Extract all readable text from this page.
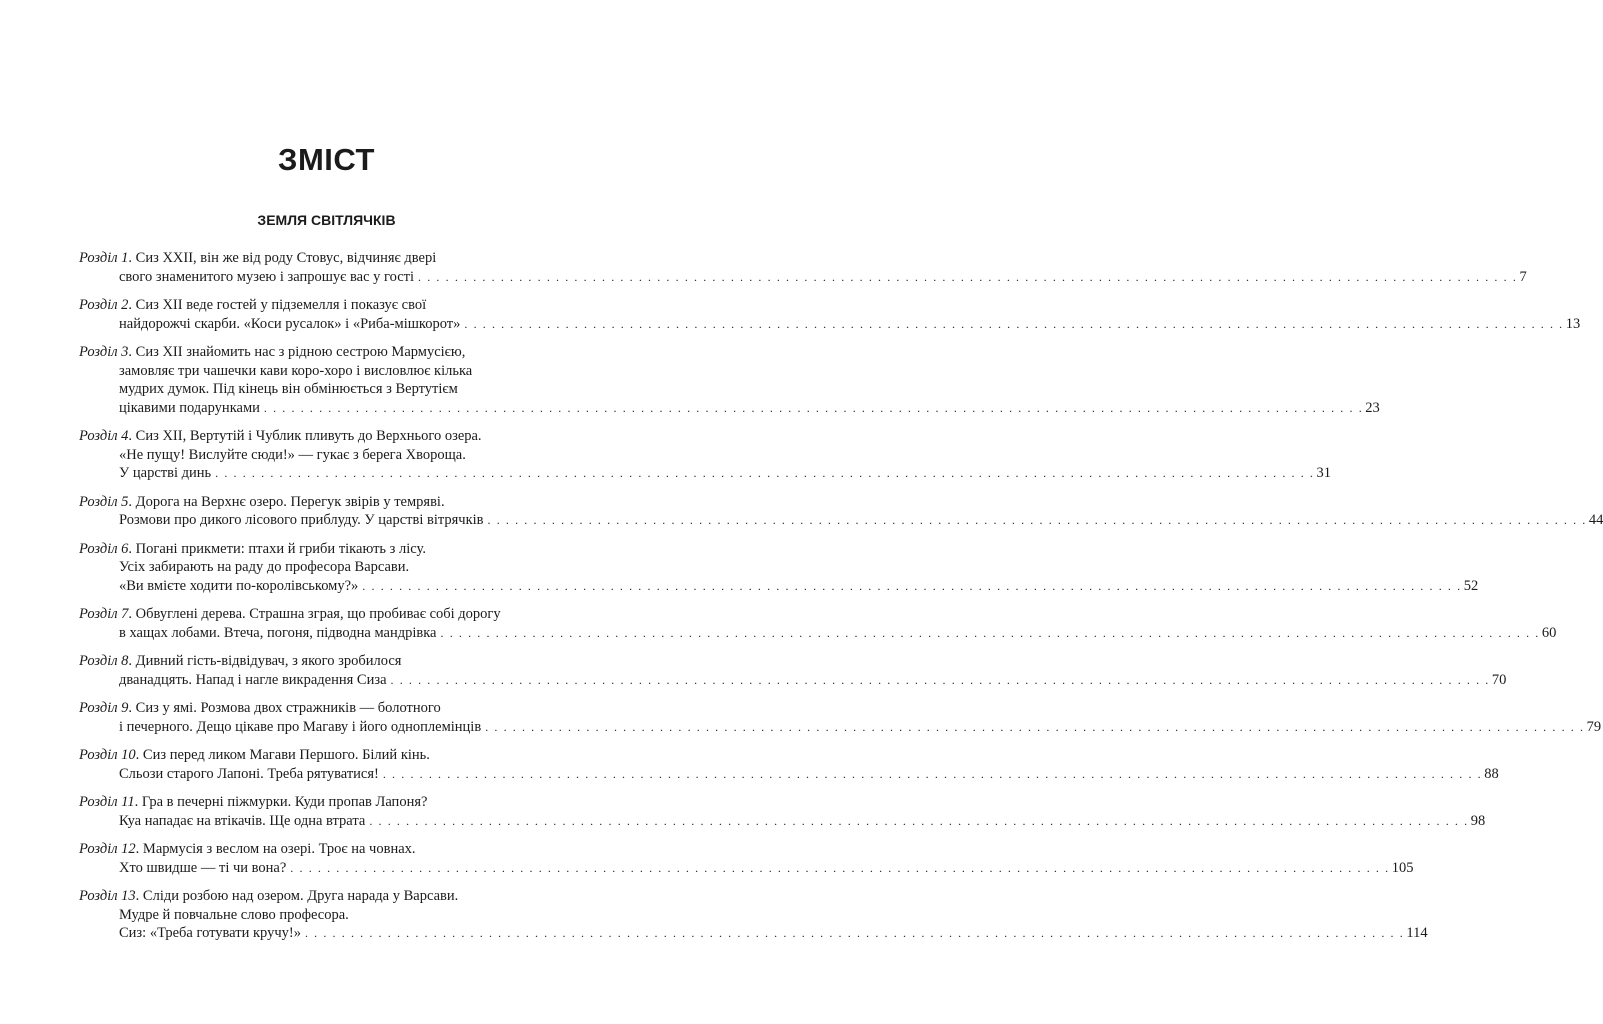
ЗМІСТ
ЗЕМЛЯ СВІТЛЯЧКІВ
Розділ 1. Сиз ХХІІ, він же від роду Стовус, відчиняє двері
свого знаменитого музею і запрошує вас у гості . . . . . . . . . . . . . . . . . . . . . . . . . . . . . . . . . . . . . . . . . . . . . . . . . . . . . . . . . . . . . . . . . . . . . . . . . . . . . . . . . . . . . . . . . . . . . . . . . . . . . . . . . . . . . . . . . . . . . . . . 7
Розділ 2. Сиз ХІІ веде гостей у підземелля і показує свої
найдорожчі скарби. «Коси русалок» і «Риба-мішкорот» . . . . . . . . . . . . . . . . . . . . . . . . . . . . . . . . . . . . . . . . . . . . . . . . . . . . . . . . . . . . . . . . . . . . . . . . . . . . . . . . . . . . . . . . . . . . . . . . . . . . . . . . . . . . . . . . . . . . . . . . 13
Розділ 3. Сиз ХІІ знайомить нас з рідною сестрою Мармусією,
замовляє три чашечки кави коро-хоро і висловлює кілька
мудрих думок. Під кінець він обмінюється з Вертутієм
цікавими подарунками . . . . . . . . . . . . . . . . . . . . . . . . . . . . . . . . . . . . . . . . . . . . . . . . . . . . . . . . . . . . . . . . . . . . . . . . . . . . . . . . . . . . . . . . . . . . . . . . . . . . . . . . . . . . . . . . . . . . . . . . 23
Розділ 4. Сиз ХІІ, Вертутій і Чублик пливуть до Верхнього озера.
«Не пущу! Вислуйте сюди!» — гукає з берега Хвороща.
У царстві динь . . . . . . . . . . . . . . . . . . . . . . . . . . . . . . . . . . . . . . . . . . . . . . . . . . . . . . . . . . . . . . . . . . . . . . . . . . . . . . . . . . . . . . . . . . . . . . . . . . . . . . . . . . . . . . . . . . . . . . . . 31
Розділ 5. Дорога на Верхнє озеро. Перегук звірів у темряві.
Розмови про дикого лісового приблуду. У царстві вітрячків . . . . . . . . . . . . . . . . . . . . . . . . . . . . . . . . . . . . . . . . . . . . . . . . . . . . . . . . . . . . . . . . . . . . . . . . . . . . . . . . . . . . . . . . . . . . . . . . . . . . . . . . . . . . . . . . . . . . . . . . 44
Розділ 6. Погані прикмети: птахи й гриби тікають з лісу.
Усіх забирають на раду до професора Варсави.
«Ви вмієте ходити по-королівському?» . . . . . . . . . . . . . . . . . . . . . . . . . . . . . . . . . . . . . . . . . . . . . . . . . . . . . . . . . . . . . . . . . . . . . . . . . . . . . . . . . . . . . . . . . . . . . . . . . . . . . . . . . . . . . . . . . . . . . . . . 52
Розділ 7. Обвуглені дерева. Страшна зграя, що пробиває собі дорогу
в хащах лобами. Втеча, погоня, підводна мандрівка . . . . . . . . . . . . . . . . . . . . . . . . . . . . . . . . . . . . . . . . . . . . . . . . . . . . . . . . . . . . . . . . . . . . . . . . . . . . . . . . . . . . . . . . . . . . . . . . . . . . . . . . . . . . . . . . . . . . . . . . 60
Розділ 8. Дивний гість-відвідувач, з якого зробилося
дванадцять. Напад і нагле викрадення Сиза . . . . . . . . . . . . . . . . . . . . . . . . . . . . . . . . . . . . . . . . . . . . . . . . . . . . . . . . . . . . . . . . . . . . . . . . . . . . . . . . . . . . . . . . . . . . . . . . . . . . . . . . . . . . . . . . . . . . . . . . 70
Розділ 9. Сиз у ямі. Розмова двох стражників — болотного
і печерного. Дещо цікаве про Магаву і його одноплемінців . . . . . . . . . . . . . . . . . . . . . . . . . . . . . . . . . . . . . . . . . . . . . . . . . . . . . . . . . . . . . . . . . . . . . . . . . . . . . . . . . . . . . . . . . . . . . . . . . . . . . . . . . . . . . . . . . . . . . . . . 79
Розділ 10. Сиз перед ликом Магави Першого. Білий кінь.
Сльози старого Лапоні. Треба рятуватися! . . . . . . . . . . . . . . . . . . . . . . . . . . . . . . . . . . . . . . . . . . . . . . . . . . . . . . . . . . . . . . . . . . . . . . . . . . . . . . . . . . . . . . . . . . . . . . . . . . . . . . . . . . . . . . . . . . . . . . . . 88
Розділ 11. Гра в печерні піжмурки. Куди пропав Лапоня?
Куа нападає на втікачів. Ще одна втрата . . . . . . . . . . . . . . . . . . . . . . . . . . . . . . . . . . . . . . . . . . . . . . . . . . . . . . . . . . . . . . . . . . . . . . . . . . . . . . . . . . . . . . . . . . . . . . . . . . . . . . . . . . . . . . . . . . . . . . . . 98
Розділ 12. Мармусія з веслом на озері. Троє на човнах.
Хто швидше — ті чи вона? . . . . . . . . . . . . . . . . . . . . . . . . . . . . . . . . . . . . . . . . . . . . . . . . . . . . . . . . . . . . . . . . . . . . . . . . . . . . . . . . . . . . . . . . . . . . . . . . . . . . . . . . . . . . . . . . . . . . . . . . 105
Розділ 13. Сліди розбою над озером. Друга нарада у Варсави.
Мудре й повчальне слово професора.
Сиз: «Треба готувати кручу!» . . . . . . . . . . . . . . . . . . . . . . . . . . . . . . . . . . . . . . . . . . . . . . . . . . . . . . . . . . . . . . . . . . . . . . . . . . . . . . . . . . . . . . . . . . . . . . . . . . . . . . . . . . . . . . . . . . . . . . . . 114
